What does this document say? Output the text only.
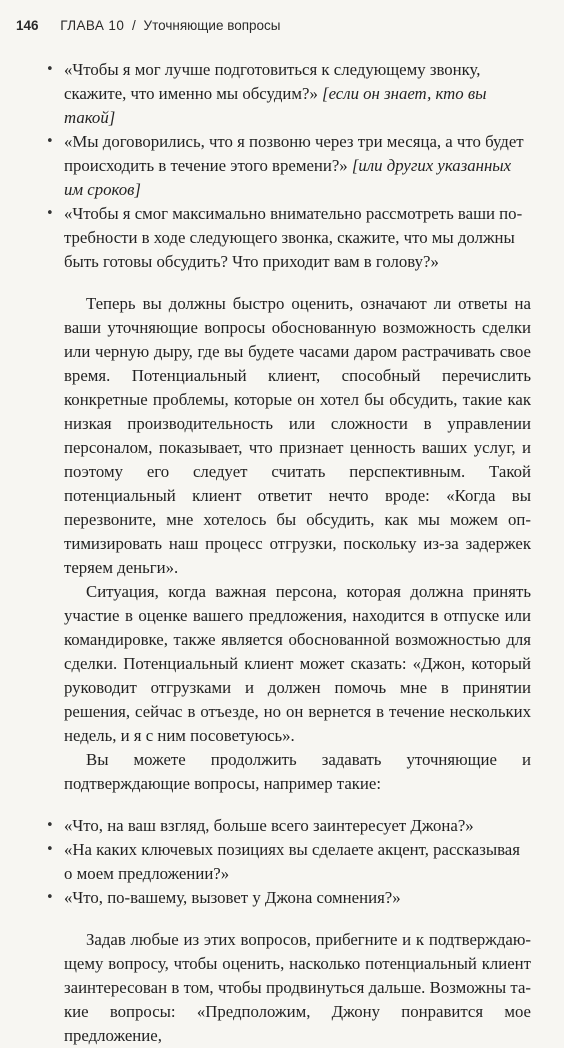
146 ГЛАВА 10 / Уточняющие вопросы
• «Чтобы я мог лучше подготовиться к следующему звонку, скажите, что именно мы обсудим?» [если он знает, кто вы такой]
• «Мы договорились, что я позвоню через три месяца, а что будет происходить в течение этого времени?» [или других указанных им сроков]
• «Чтобы я смог максимально внимательно рассмотреть ваши потребности в ходе следующего звонка, скажите, что мы должны быть готовы обсудить? Что приходит вам в голову?»

Теперь вы должны быстро оценить, означают ли ответы на ваши уточняющие вопросы обоснованную возможность сделки или черную дыру, где вы будете часами даром растрачивать свое время. Потенциальный клиент, способный перечислить конкретные проблемы, которые он хотел бы обсудить, такие как низкая производительность или сложности в управлении персоналом, показывает, что признает ценность ваших услуг, и поэтому его следует считать перспективным. Такой потенциальный клиент ответит нечто вроде: «Когда вы перезвоните, мне хотелось бы обсудить, как мы можем оптимизировать наш процесс отгрузки, поскольку из-за задержек теряем деньги».

Ситуация, когда важная персона, которая должна принять участие в оценке вашего предложения, находится в отпуске или командировке, также является обоснованной возможностью для сделки. Потенциальный клиент может сказать: «Джон, который руководит отгрузками и должен помочь мне в принятии решения, сейчас в отъезде, но он вернется в течение нескольких недель, и я с ним посоветуюсь».

Вы можете продолжить задавать уточняющие и подтверждающие вопросы, например такие:

• «Что, на ваш взгляд, больше всего заинтересует Джона?»
• «На каких ключевых позициях вы сделаете акцент, рассказывая о моем предложении?»
• «Что, по-вашему, вызовет у Джона сомнения?»

Задав любые из этих вопросов, прибегните и к подтверждающему вопросу, чтобы оценить, насколько потенциальный клиент заинтересован в том, чтобы продвинуться дальше. Возможны такие вопросы: «Предположим, Джону понравится мое предложение,
